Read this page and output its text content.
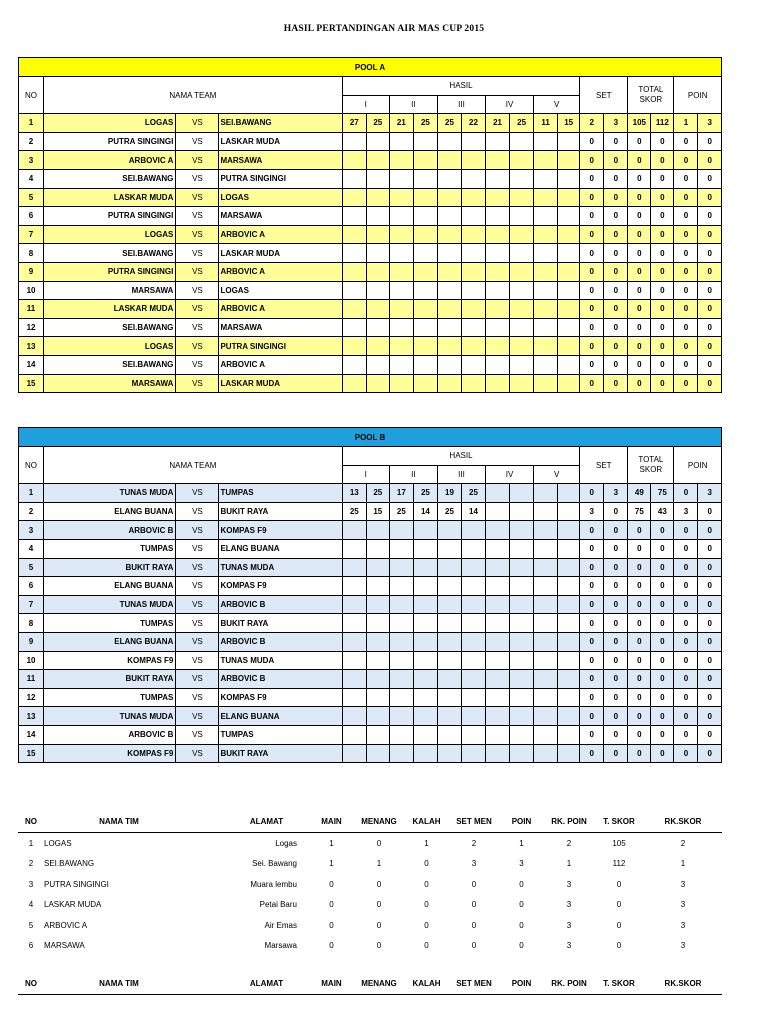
HASIL PERTANDINGAN AIR MAS CUP 2015
POOL A																			
NO	NAMA TEAM			HASIL										SET		TOTAL SKOR		POIN	
				I		II		III		IV		V							
1	LOGAS	VS	SEI.BAWANG	27	25	21	25	25	22	21	25	11	15	2	3	105	112	1	3
2	PUTRA SINGINGI	VS	LASKAR MUDA											0	0	0	0	0	0
3	ARBOVIC A	VS	MARSAWA											0	0	0	0	0	0
4	SEI.BAWANG	VS	PUTRA SINGINGI											0	0	0	0	0	0
5	LASKAR MUDA	VS	LOGAS											0	0	0	0	0	0
6	PUTRA SINGINGI	VS	MARSAWA											0	0	0	0	0	0
7	LOGAS	VS	ARBOVIC A											0	0	0	0	0	0
8	SEI.BAWANG	VS	LASKAR MUDA											0	0	0	0	0	0
9	PUTRA SINGINGI	VS	ARBOVIC A											0	0	0	0	0	0
10	MARSAWA	VS	LOGAS											0	0	0	0	0	0
11	LASKAR MUDA	VS	ARBOVIC A											0	0	0	0	0	0
12	SEI.BAWANG	VS	MARSAWA											0	0	0	0	0	0
13	LOGAS	VS	PUTRA SINGINGI											0	0	0	0	0	0
14	SEI.BAWANG	VS	ARBOVIC A											0	0	0	0	0	0
15	MARSAWA	VS	LASKAR MUDA											0	0	0	0	0	0
POOL B																			
NO	NAMA TEAM			HASIL										SET		TOTAL SKOR		POIN	
				I		II		III		IV		V							
1	TUNAS MUDA	VS	TUMPAS	13	25	17	25	19	25					0	3	49	75	0	3
2	ELANG BUANA	VS	BUKIT RAYA	25	15	25	14	25	14					3	0	75	43	3	0
3	ARBOVIC B	VS	KOMPAS F9											0	0	0	0	0	0
4	TUMPAS	VS	ELANG BUANA											0	0	0	0	0	0
5	BUKIT RAYA	VS	TUNAS MUDA											0	0	0	0	0	0
6	ELANG BUANA	VS	KOMPAS F9											0	0	0	0	0	0
7	TUNAS MUDA	VS	ARBOVIC B											0	0	0	0	0	0
8	TUMPAS	VS	BUKIT RAYA											0	0	0	0	0	0
9	ELANG BUANA	VS	ARBOVIC B											0	0	0	0	0	0
10	KOMPAS F9	VS	TUNAS MUDA											0	0	0	0	0	0
11	BUKIT RAYA	VS	ARBOVIC B											0	0	0	0	0	0
12	TUMPAS	VS	KOMPAS F9											0	0	0	0	0	0
13	TUNAS MUDA	VS	ELANG BUANA											0	0	0	0	0	0
14	ARBOVIC B	VS	TUMPAS											0	0	0	0	0	0
15	KOMPAS F9	VS	BUKIT RAYA											0	0	0	0	0	0
NO	NAMA TIM	ALAMAT	MAIN	MENANG	KALAH	SET MEN	POIN	RK. POIN	T. SKOR	RK.SKOR
1	LOGAS	Logas	1	0	1	2	1	2	105	2
2	SEI.BAWANG	Sei. Bawang	1	1	0	3	3	1	112	1
3	PUTRA SINGINGI	Muara lembu	0	0	0	0	0	3	0	3
4	LASKAR MUDA	Petai Baru	0	0	0	0	0	3	0	3
5	ARBOVIC A	Air Emas	0	0	0	0	0	3	0	3
6	MARSAWA	Marsawa	0	0	0	0	0	3	0	3
NO	NAMA TIM	ALAMAT	MAIN	MENANG	KALAH	SET MEN	POIN	RK. POIN	T. SKOR	RK.SKOR
